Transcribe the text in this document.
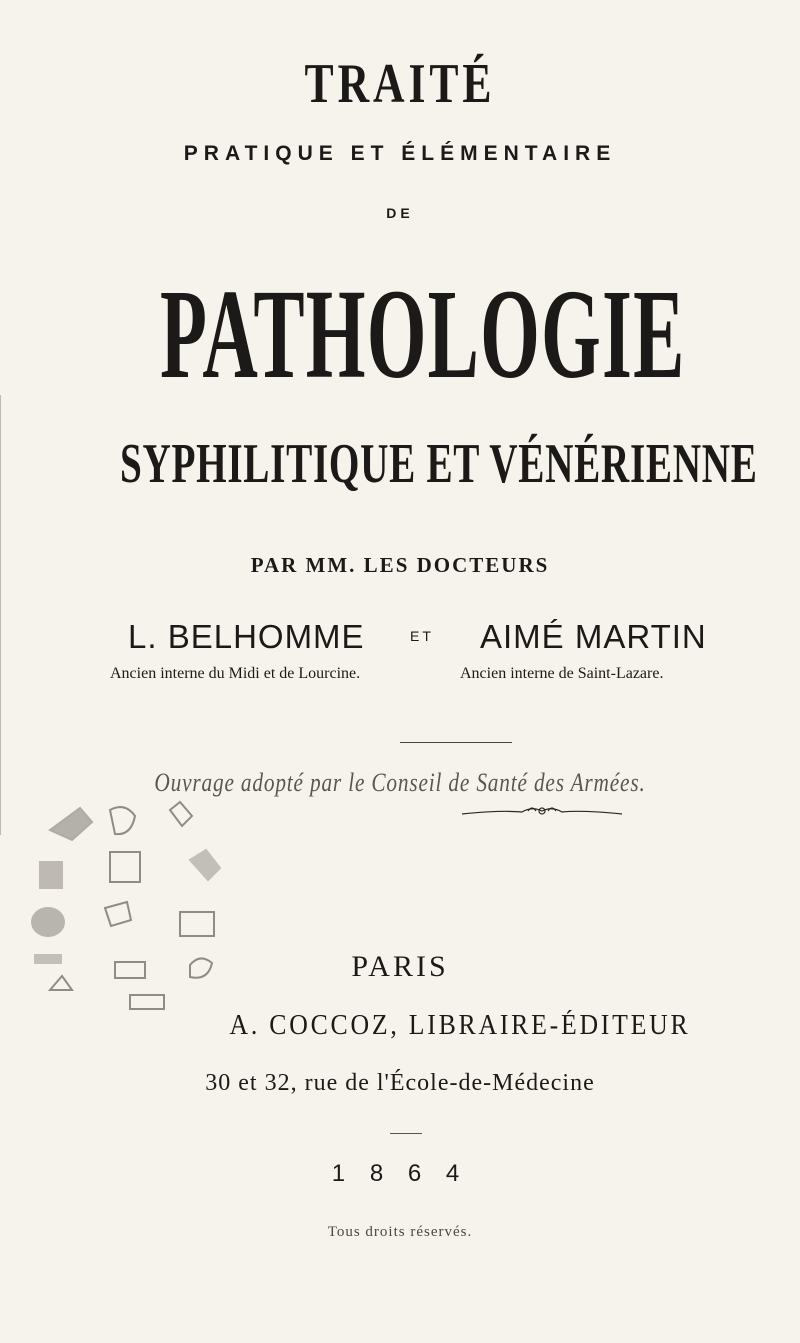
TRAITÉ
PRATIQUE ET ÉLÉMENTAIRE
DE
PATHOLOGIE
SYPHILITIQUE ET VÉNÉRIENNE
PAR MM. LES DOCTEURS
L. BELHOMME	ET AIMÉ MARTIN
Ancien interne du Midi et de Lourcine.	Ancien interne de Saint-Lazare.
Ouvrage adopté par le Conseil de Santé des Armées.
PARIS
A. COCCOZ, LIBRAIRE-ÉDITEUR
30 et 32, rue de l'École-de-Médecine
1 8 6 4
Tous droits réservés.
